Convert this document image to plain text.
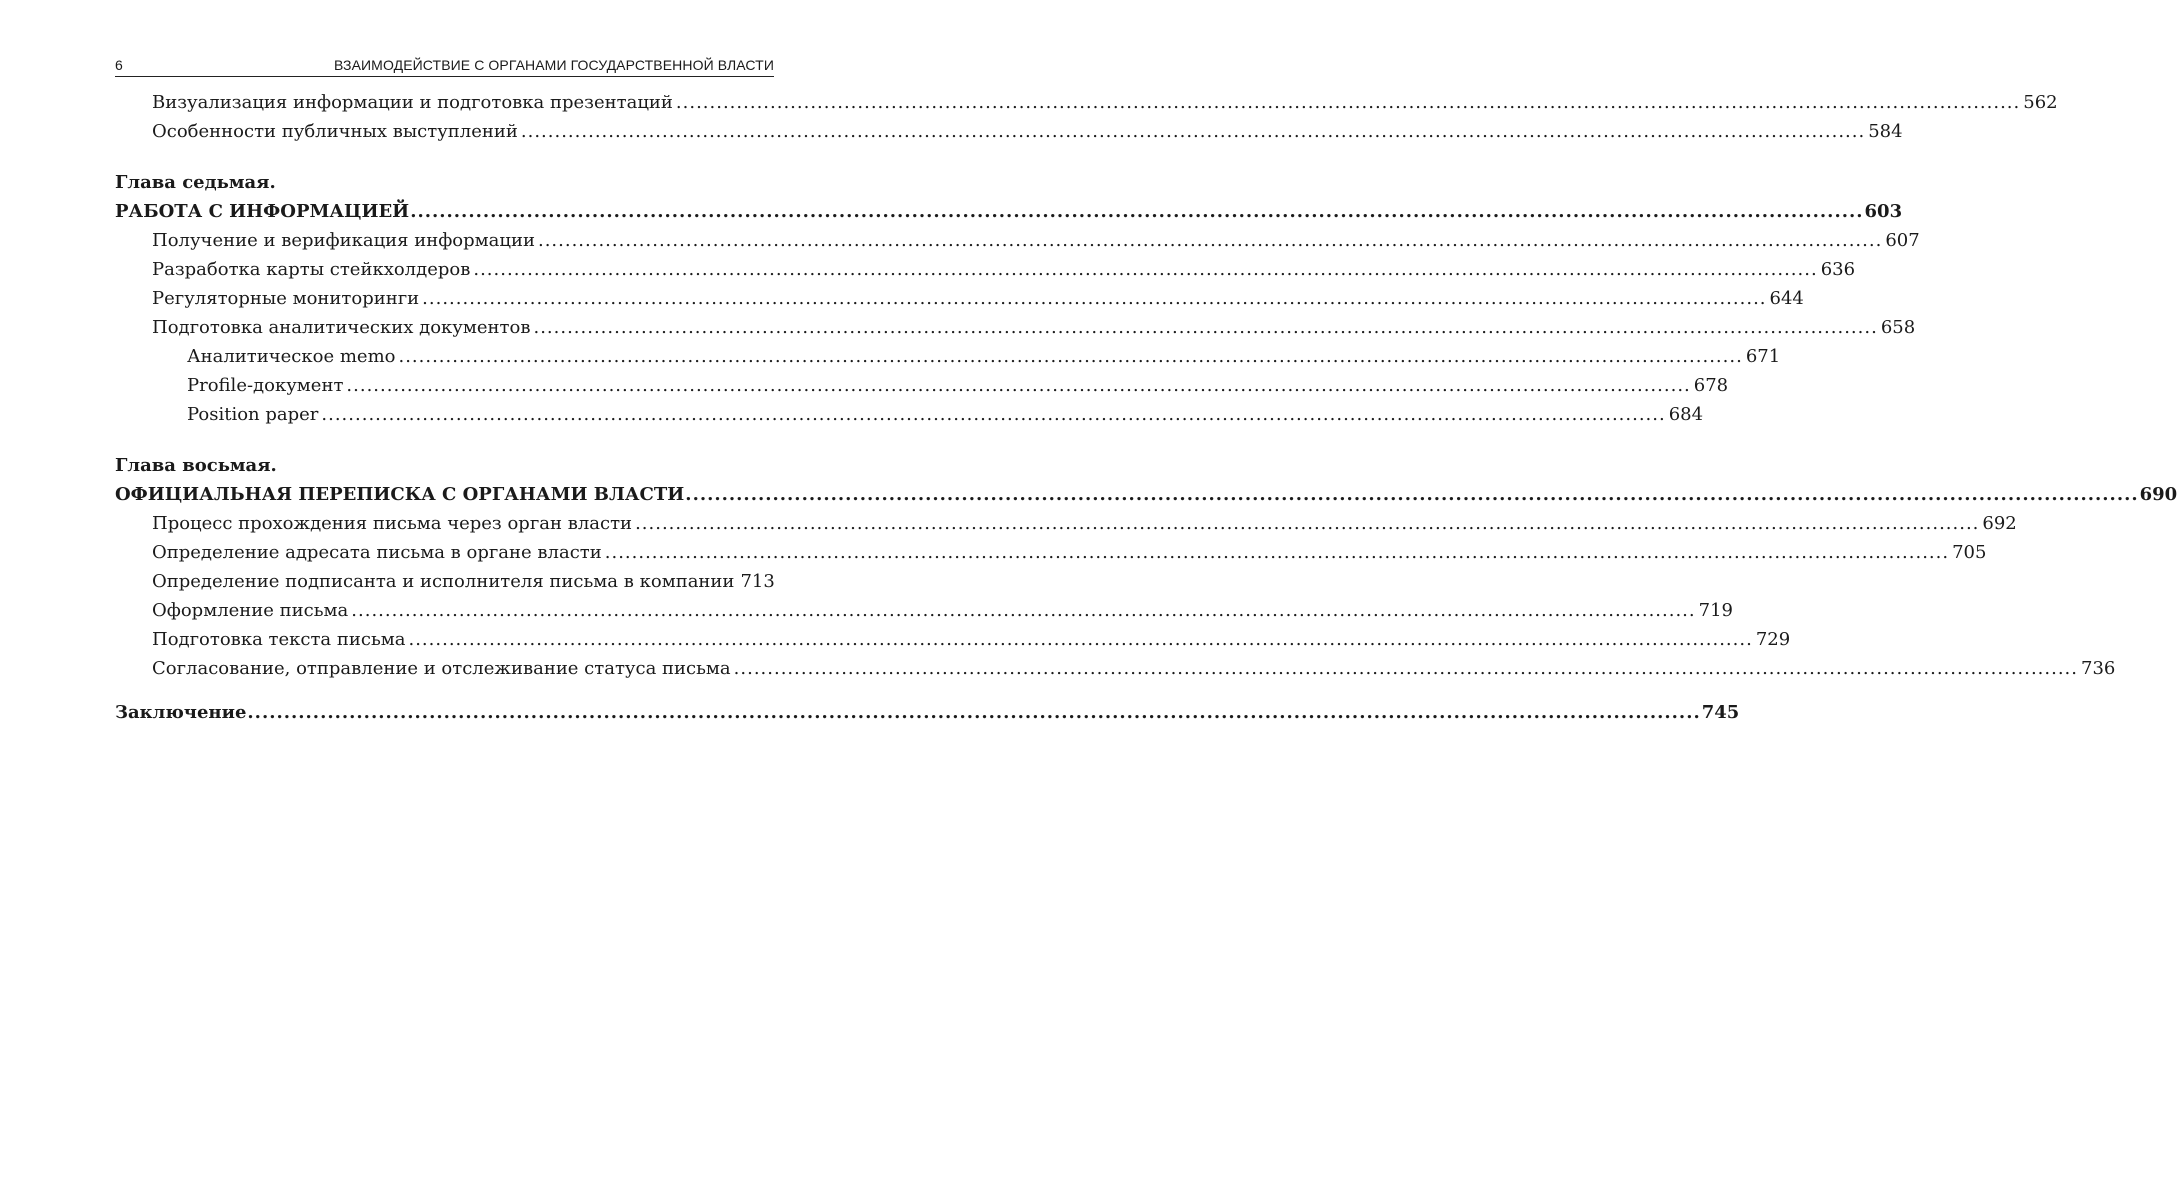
6	ВЗАИМОДЕЙСТВИЕ С ОРГАНАМИ ГОСУДАРСТВЕННОЙ ВЛАСТИ
Визуализация информации и подготовка презентаций ........................................................................................................................................................................................................ 562
Особенности публичных выступлений ........................................................................................................................................................................................................ 584
Глава седьмая.
РАБОТА С ИНФОРМАЦИЕЙ ........................................................................................................................................................................................................ 603
Получение и верификация информации ........................................................................................................................................................................................................ 607
Разработка карты стейкхолдеров ........................................................................................................................................................................................................ 636
Регуляторные мониторинги ........................................................................................................................................................................................................ 644
Подготовка аналитических документов ........................................................................................................................................................................................................ 658
Аналитическое memo ........................................................................................................................................................................................................ 671
Profile-документ ........................................................................................................................................................................................................ 678
Position paper ........................................................................................................................................................................................................ 684
Глава восьмая.
ОФИЦИАЛЬНАЯ ПЕРЕПИСКА С ОРГАНАМИ ВЛАСТИ ........................................................................................................................................................................................................ 690
Процесс прохождения письма через орган власти ........................................................................................................................................................................................................ 692
Определение адресата письма в органе власти ........................................................................................................................................................................................................ 705
Определение подписанта и исполнителя письма в компании 713
Оформление письма ........................................................................................................................................................................................................ 719
Подготовка текста письма ........................................................................................................................................................................................................ 729
Согласование, отправление и отслеживание статуса письма ........................................................................................................................................................................................................ 736
Заключение ........................................................................................................................................................................................................ 745
